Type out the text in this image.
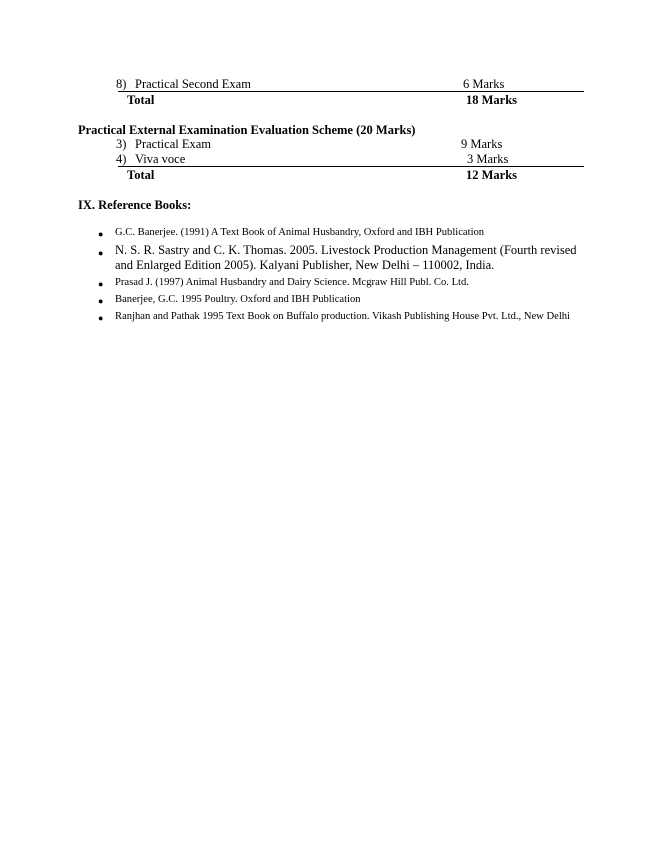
8) Practical Second Exam	6 Marks
Total	18 Marks
Practical External Examination Evaluation Scheme (20 Marks)
3) Practical Exam	9 Marks
4) Viva voce	3 Marks
Total	12 Marks
IX. Reference Books:
● G.C. Banerjee. (1991) A Text Book of Animal Husbandry, Oxford and IBH Publication
● N. S. R. Sastry and C. K. Thomas. 2005. Livestock Production Management (Fourth revised and Enlarged Edition 2005). Kalyani Publisher, New Delhi – 110002, India.
● Prasad J. (1997) Animal Husbandry and Dairy Science. Mcgraw Hill Publ. Co. Ltd.
● Banerjee, G.C. 1995 Poultry. Oxford and IBH Publication
● Ranjhan and Pathak 1995 Text Book on Buffalo production. Vikash Publishing House Pvt. Ltd., New Delhi
